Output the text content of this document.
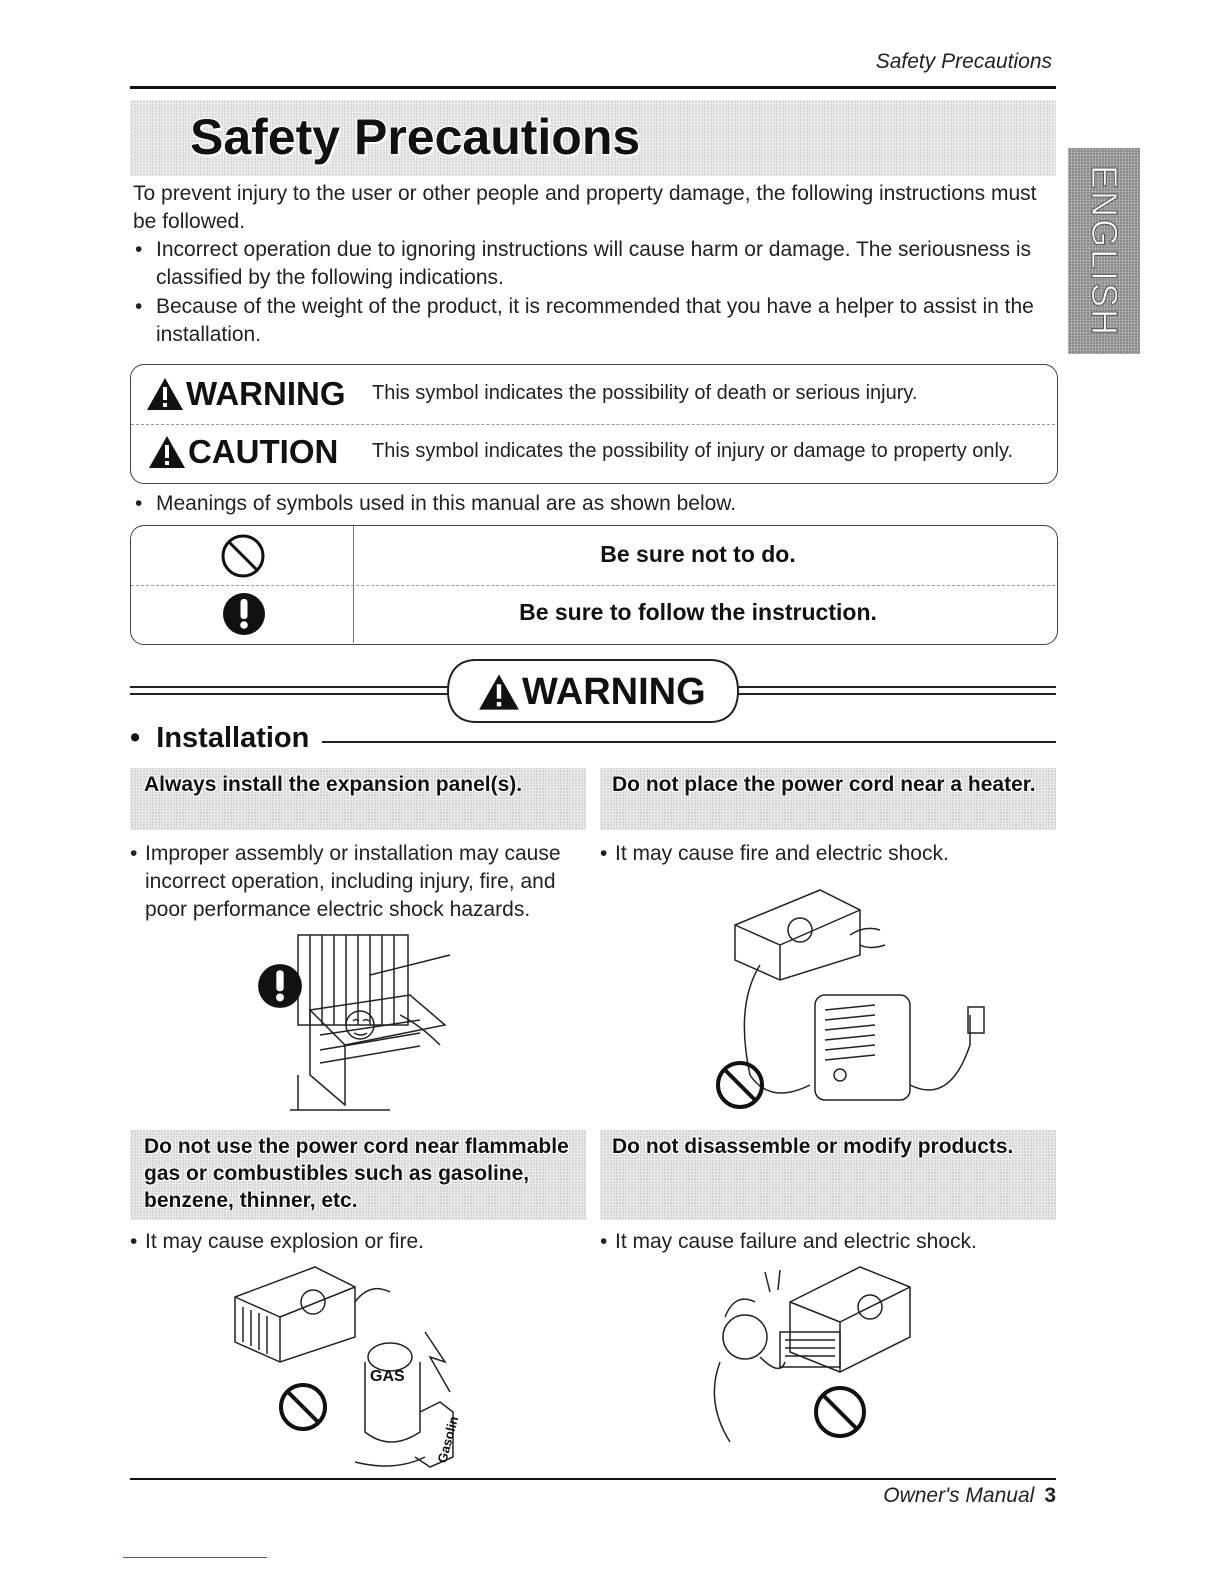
Safety Precautions
Safety Precautions
ENGLISH
To prevent injury to the user or other people and property damage, the following instructions must be followed.
• Incorrect operation due to ignoring instructions will cause harm or damage. The seriousness is classified by the following indications.
• Because of the weight of the product, it is recommended that you have a helper to assist in the installation.
WARNING This symbol indicates the possibility of death or serious injury.
CAUTION This symbol indicates the possibility of injury or damage to property only.
• Meanings of symbols used in this manual are as shown below.
Be sure not to do.
Be sure to follow the instruction.
WARNING
•  Installation
Always install the expansion panel(s).
• Improper assembly or installation may cause incorrect operation, including injury, fire, and poor performance electric shock hazards.
Do not place the power cord near a heater.
• It may cause fire and electric shock.
Do not use the power cord near flammable gas or combustibles such as gasoline, benzene, thinner, etc.
• It may cause explosion or fire.
Do not disassemble or modify products.
• It may cause failure and electric shock.
GAS
Gasolin
Owner's Manual 3
